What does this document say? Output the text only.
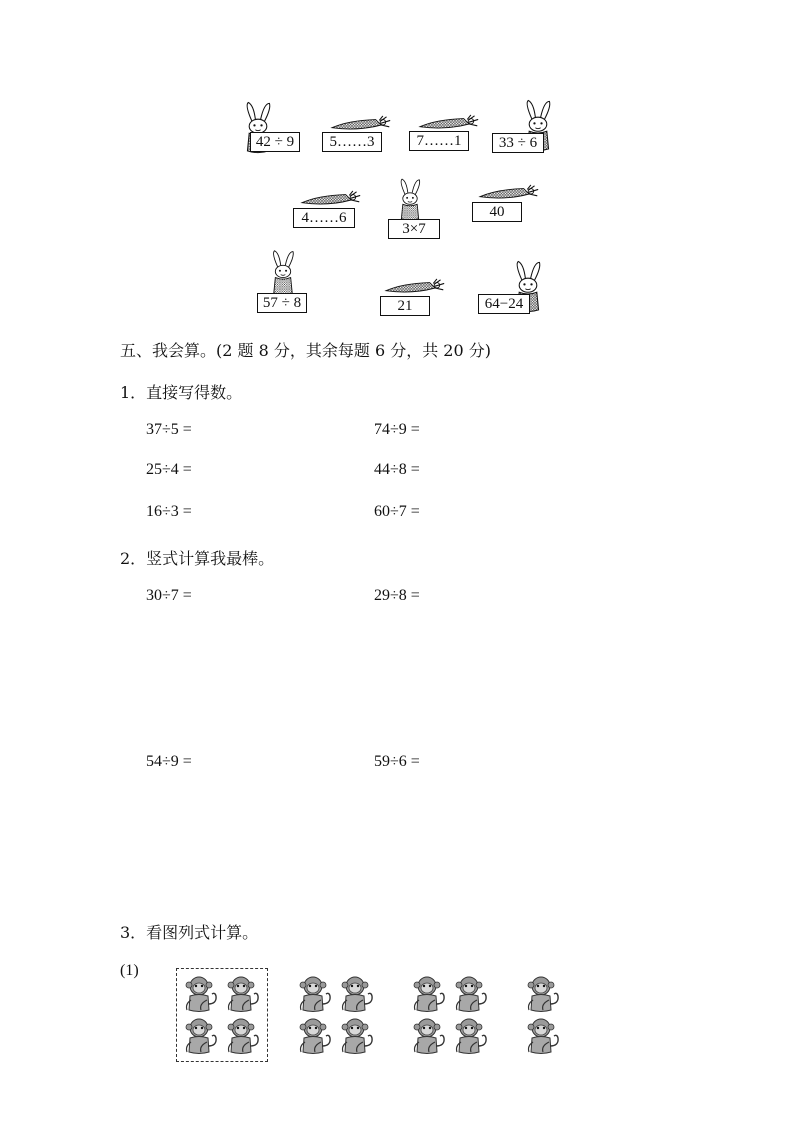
42 ÷ 9	5……3	7……1	33 ÷ 6
4……6
3×7
40
57 ÷ 8	21	64−24
五、我会算。(2 题 8 分，其余每题 6 分，共 20 分)
1．直接写得数。
37÷5 =	74÷9 =
25÷4 =	44÷8 =
16÷3 =	60÷7 =
2．竖式计算我最棒。
30÷7 =	29÷8 =
54÷9 =	59÷6 =
3．看图列式计算。
(1)
